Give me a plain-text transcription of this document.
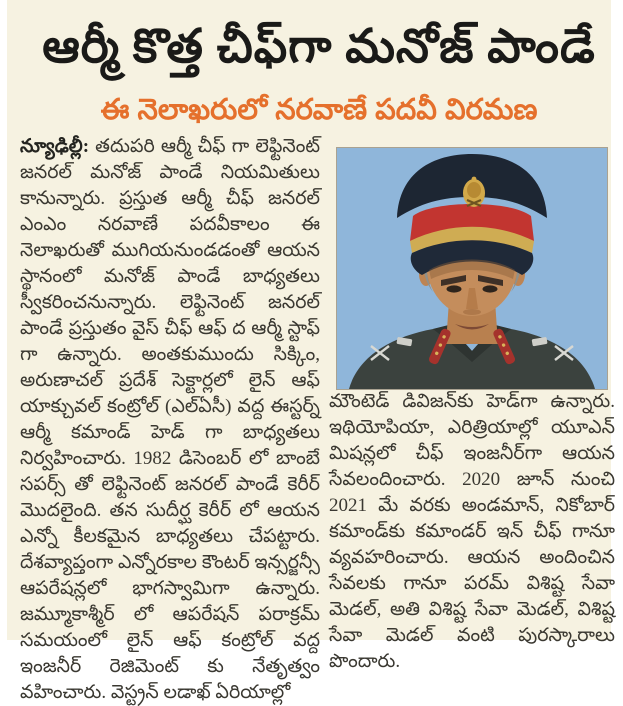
ఆర్మీ కొత్త చీఫ్‌గా మనోజ్ పాండే
ఈ నెలాఖరులో నరవాణే పదవీ విరమణ
న్యూఢిల్లీ: తదుపరి ఆర్మీ చీఫ్ గా లెఫ్టినెంట్ జనరల్ మనోజ్ పాండే నియమితులు కానున్నారు. ప్రస్తుత ఆర్మీ చీఫ్ జనరల్ ఎంఎం నరవాణే పదవీకాలం ఈ నెలాఖరుతో ముగియనుండడంతో ఆయన స్థానంలో మనోజ్ పాండే బాధ్యతలు స్వీకరించనున్నారు. లెఫ్టినెంట్ జనరల్ పాండే ప్రస్తుతం వైస్ చీఫ్ ఆఫ్ ద ఆర్మీ స్టాఫ్ గా ఉన్నారు. అంతకుముందు సిక్కిం, అరుణాచల్ ప్రదేశ్ సెక్టార్లలో లైన్ ఆఫ్ యాక్చువల్ కంట్రోల్ (ఎల్ఏసీ) వద్ద ఈస్టర్న్ ఆర్మీ కమాండ్ హెడ్ గా బాధ్యతలు నిర్వహించారు. 1982 డిసెంబర్ లో బాంబే సపర్స్ తో లెఫ్టినెంట్ జనరల్ పాండే కెరీర్ మొదలైంది. తన సుదీర్ఘ కెరీర్ లో ఆయన ఎన్నో కీలకమైన బాధ్యతలు చేపట్టారు. దేశవ్యాప్తంగా ఎన్నోరకాల కౌంటర్ ఇన్సర్జన్సీ ఆపరేషన్లలో భాగస్వామిగా ఉన్నారు. జమ్మూకాశ్మీర్ లో ఆపరేషన్ పరాక్రమ్ సమయంలో లైన్ ఆఫ్ కంట్రోల్ వద్ద ఇంజనీర్ రెజిమెంట్ కు నేతృత్వం వహించారు. వెస్ట్రన్ లడాఖ్ ఏరియాల్లో
మౌంటెడ్ డివిజన్‌కు హెడ్‌గా ఉన్నారు. ఇథియోపియా, ఎరిత్రియాల్లో యూఎన్ మిషన్లలో చీఫ్ ఇంజనీర్‌గా ఆయన సేవలందించారు. 2020 జూన్ నుంచి 2021 మే వరకు అండమాన్, నికోబార్ కమాండ్‌కు కమాండర్ ఇన్ చీఫ్ గానూ వ్యవహరించారు. ఆయన అందించిన సేవలకు గానూ పరమ్ విశిష్ట సేవా మెడల్, అతి విశిష్ట సేవా మెడల్, విశిష్ట సేవా మెడల్ వంటి పురస్కారాలు పొందారు.
